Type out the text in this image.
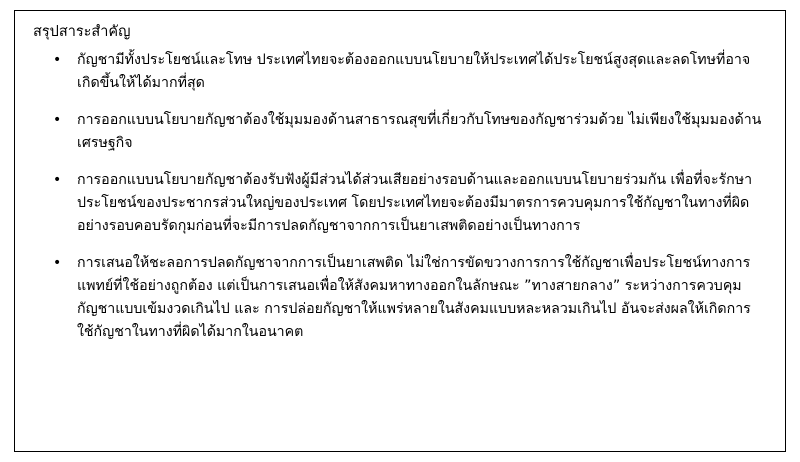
สรุปสาระสำคัญ
• กัญชามีทั้งประโยชน์และโทษ ประเทศไทยจะต้องออกแบบนโยบายให้ประเทศได้ประโยชน์สูงสุดและลดโทษที่อาจเกิดขึ้นให้ได้มากที่สุด
• การออกแบบนโยบายกัญชาต้องใช้มุมมองด้านสาธารณสุขที่เกี่ยวกับโทษของกัญชาร่วมด้วย ไม่เพียงใช้มุมมองด้านเศรษฐกิจ
• การออกแบบนโยบายกัญชาต้องรับฟังผู้มีส่วนได้ส่วนเสียอย่างรอบด้านและออกแบบนโยบายร่วมกัน เพื่อที่จะรักษาประโยชน์ของประชากรส่วนใหญ่ของประเทศ โดยประเทศไทยจะต้องมีมาตรการควบคุมการใช้กัญชาในทางที่ผิดอย่างรอบคอบรัดกุมก่อนที่จะมีการปลดกัญชาจากการเป็นยาเสพติดอย่างเป็นทางการ
• การเสนอให้ชะลอการปลดกัญชาจากการเป็นยาเสพติด ไม่ใช่การขัดขวางการการใช้กัญชาเพื่อประโยชน์ทางการแพทย์ที่ใช้อย่างถูกต้อง แต่เป็นการเสนอเพื่อให้สังคมหาทางออกในลักษณะ ”ทางสายกลาง” ระหว่างการควบคุมกัญชาแบบเข้มงวดเกินไป และ การปล่อยกัญชาให้แพร่หลายในสังคมแบบหละหลวมเกินไป อันจะส่งผลให้เกิดการใช้กัญชาในทางที่ผิดได้มากในอนาคต
